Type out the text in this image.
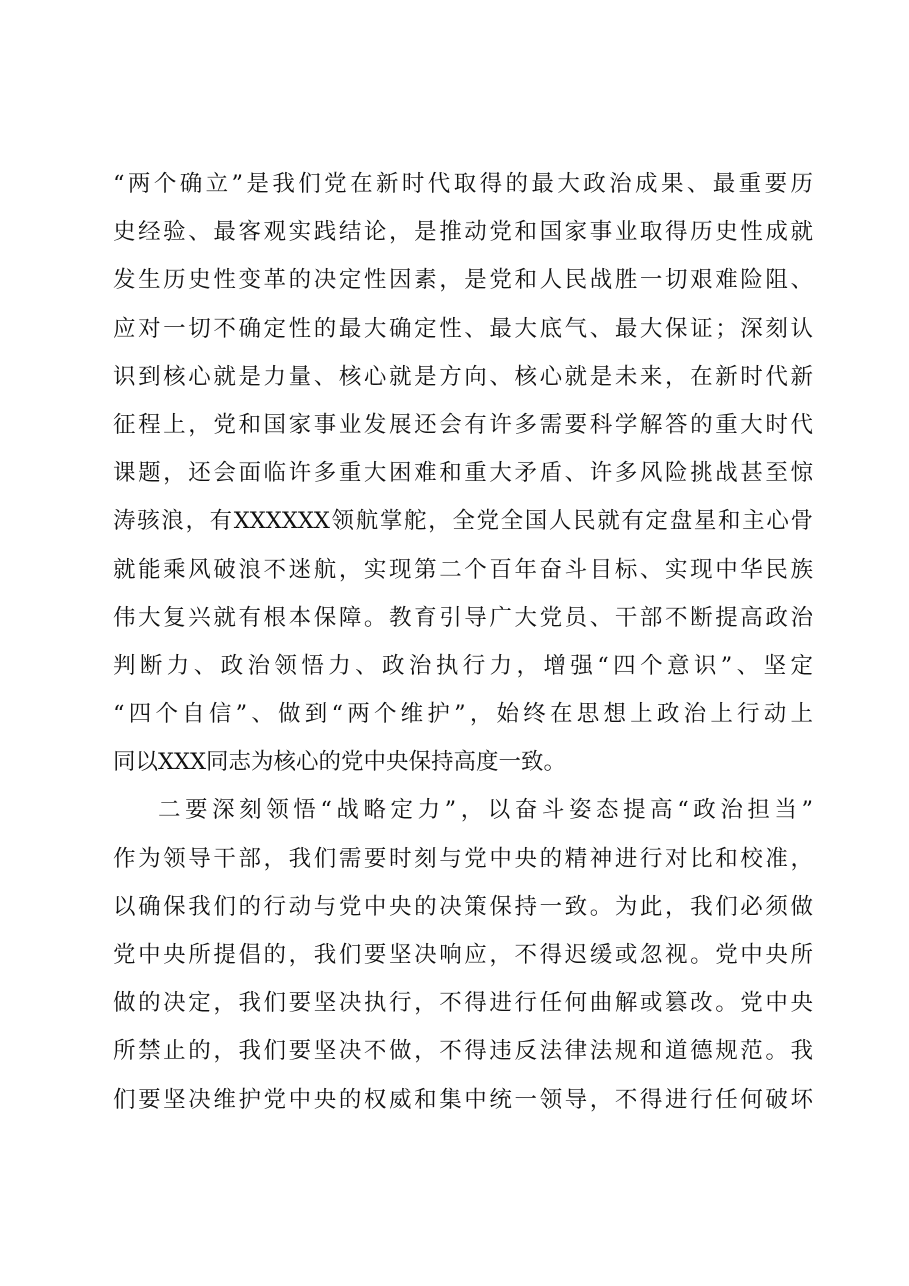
“两个确立”是我们党在新时代取得的最大政治成果、最重要历
史经验、最客观实践结论，是推动党和国家事业取得历史性成就
发生历史性变革的决定性因素，是党和人民战胜一切艰难险阻、
应对一切不确定性的最大确定性、最大底气、最大保证；深刻认
识到核心就是力量、核心就是方向、核心就是未来，在新时代新
征程上，党和国家事业发展还会有许多需要科学解答的重大时代
课题，还会面临许多重大困难和重大矛盾、许多风险挑战甚至惊
涛骇浪，有XXXXXX领航掌舵，全党全国人民就有定盘星和主心骨
就能乘风破浪不迷航，实现第二个百年奋斗目标、实现中华民族
伟大复兴就有根本保障。教育引导广大党员、干部不断提高政治
判断力、政治领悟力、政治执行力，增强“四个意识”、坚定
“四个自信”、做到“两个维护”，始终在思想上政治上行动上
同以XXX同志为核心的党中央保持高度一致。
二要深刻领悟“战略定力”，以奋斗姿态提高“政治担当”
作为领导干部，我们需要时刻与党中央的精神进行对比和校准，
以确保我们的行动与党中央的决策保持一致。为此，我们必须做
党中央所提倡的，我们要坚决响应，不得迟缓或忽视。党中央所
做的决定，我们要坚决执行，不得进行任何曲解或篡改。党中央
所禁止的，我们要坚决不做，不得违反法律法规和道德规范。我
们要坚决维护党中央的权威和集中统一领导，不得进行任何破坏
